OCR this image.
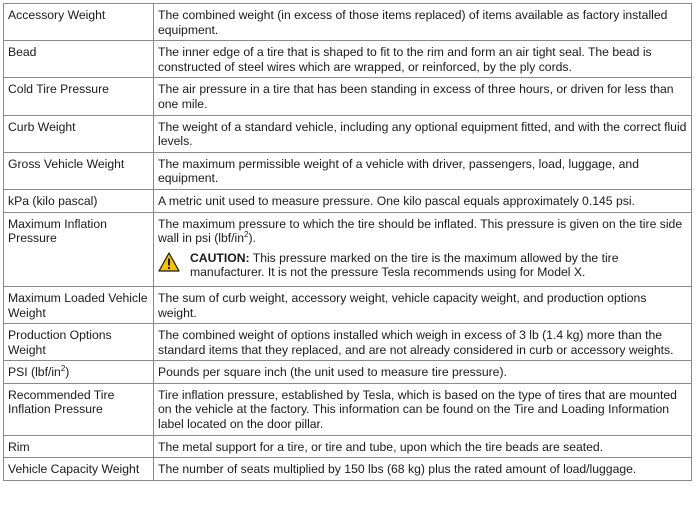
Accessory Weight	The combined weight (in excess of those items replaced) of items available as factory installed equipment.
Bead	The inner edge of a tire that is shaped to fit to the rim and form an air tight seal. The bead is constructed of steel wires which are wrapped, or reinforced, by the ply cords.
Cold Tire Pressure	The air pressure in a tire that has been standing in excess of three hours, or driven for less than one mile.
Curb Weight	The weight of a standard vehicle, including any optional equipment fitted, and with the correct fluid levels.
Gross Vehicle Weight	The maximum permissible weight of a vehicle with driver, passengers, load, luggage, and equipment.
kPa (kilo pascal)	A metric unit used to measure pressure. One kilo pascal equals approximately 0.145 psi.
Maximum Inflation Pressure	The maximum pressure to which the tire should be inflated. This pressure is given on the tire side wall in psi $(lbf/in^2)$.
CAUTION: This pressure marked on the tire is the maximum allowed by the tire manufacturer. It is not the pressure Tesla recommends using for Model X.

Maximum Loaded Vehicle Weight	The sum of curb weight, accessory weight, vehicle capacity weight, and production options weight.
Production Options Weight	The combined weight of options installed which weigh in excess of 3 lb (1.4 kg) more than the standard items that they replaced, and are not already considered in curb or accessory weights.
PSI $(lbf/in^2)$	Pounds per square inch (the unit used to measure tire pressure).
Recommended Tire Inflation Pressure	Tire inflation pressure, established by Tesla, which is based on the type of tires that are mounted on the vehicle at the factory. This information can be found on the Tire and Loading Information label located on the door pillar.
Rim	The metal support for a tire, or tire and tube, upon which the tire beads are seated.
Vehicle Capacity Weight	The number of seats multiplied by 150 lbs (68 kg) plus the rated amount of load/luggage.
